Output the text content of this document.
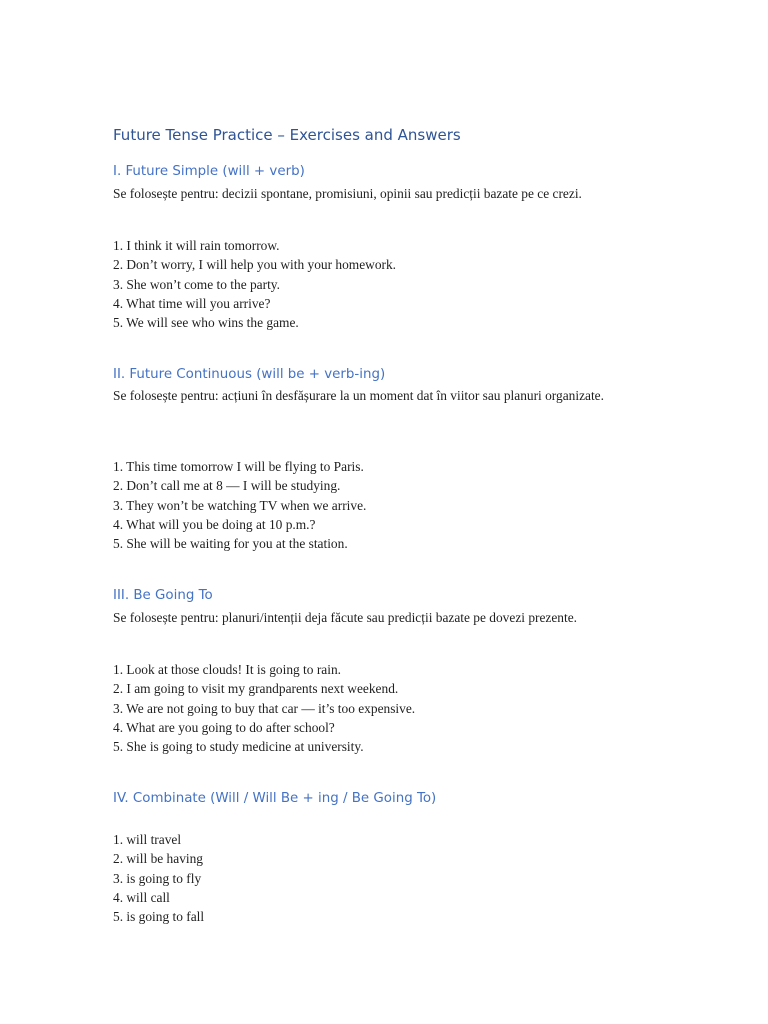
Future Tense Practice – Exercises and Answers
I. Future Simple (will + verb)

Se folosește pentru: decizii spontane, promisiuni, opinii sau predicții bazate pe ce crezi.

1. I think it will rain tomorrow.
2. Don’t worry, I will help you with your homework.
3. She won’t come to the party.
4. What time will you arrive?
5. We will see who wins the game.
II. Future Continuous (will be + verb-ing)

Se folosește pentru: acțiuni în desfășurare la un moment dat în viitor sau planuri organizate.

1. This time tomorrow I will be flying to Paris.
2. Don’t call me at 8 — I will be studying.
3. They won’t be watching TV when we arrive.
4. What will you be doing at 10 p.m.?
5. She will be waiting for you at the station.
III. Be Going To

Se folosește pentru: planuri/intenții deja făcute sau predicții bazate pe dovezi prezente.

1. Look at those clouds! It is going to rain.
2. I am going to visit my grandparents next weekend.
3. We are not going to buy that car — it’s too expensive.
4. What are you going to do after school?
5. She is going to study medicine at university.
IV. Combinate (Will / Will Be + ing / Be Going To)
1. will travel
2. will be having
3. is going to fly
4. will call
5. is going to fall
